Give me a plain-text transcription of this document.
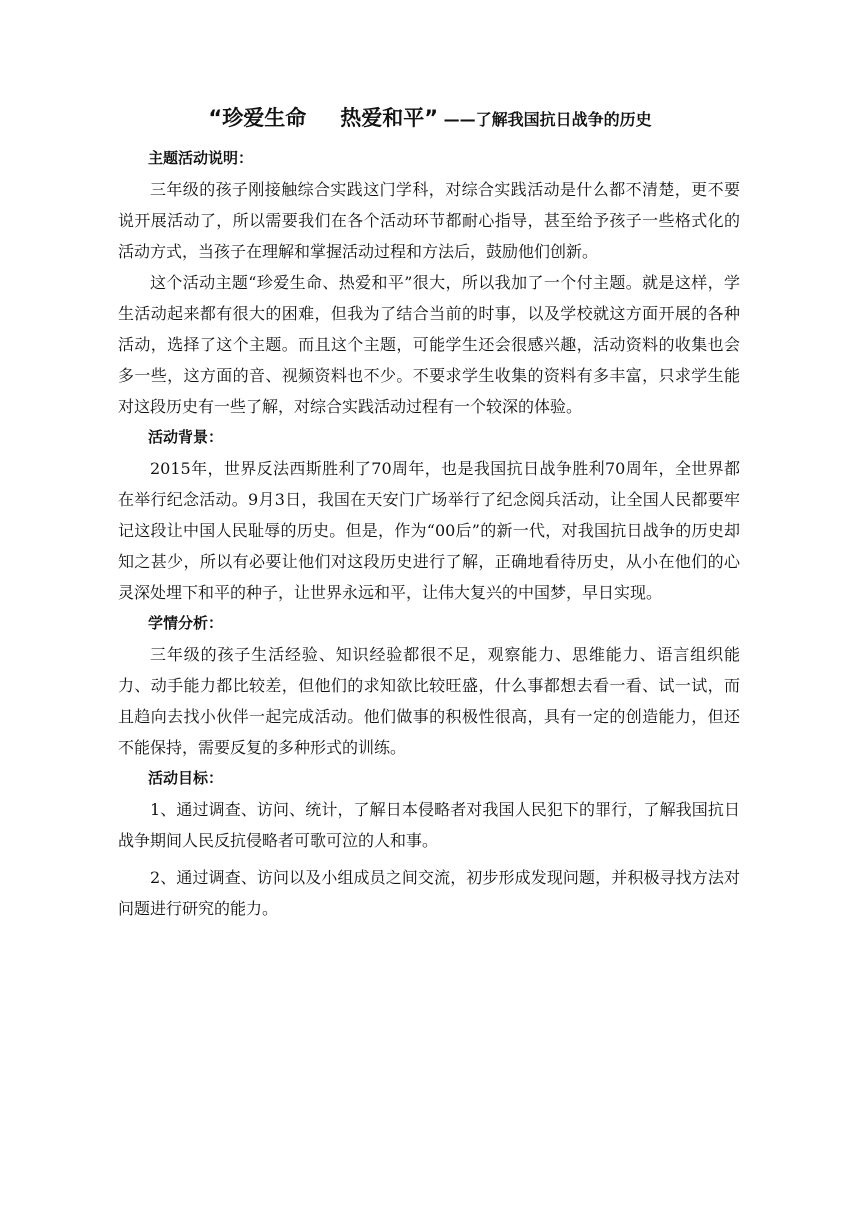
“珍爱生命 热爱和平” ——了解我国抗日战争的历史

主题活动说明：

三年级的孩子刚接触综合实践这门学科，对综合实践活动是什么都不清楚，更不要说开展活动了，所以需要我们在各个活动环节都耐心指导，甚至给予孩子一些格式化的活动方式，当孩子在理解和掌握活动过程和方法后，鼓励他们创新。

这个活动主题“珍爱生命、热爱和平”很大，所以我加了一个付主题。就是这样，学生活动起来都有很大的困难，但我为了结合当前的时事，以及学校就这方面开展的各种活动，选择了这个主题。而且这个主题，可能学生还会很感兴趣，活动资料的收集也会多一些，这方面的音、视频资料也不少。不要求学生收集的资料有多丰富，只求学生能对这段历史有一些了解，对综合实践活动过程有一个较深的体验。

活动背景：

2015年，世界反法西斯胜利了70周年，也是我国抗日战争胜利70周年，全世界都在举行纪念活动。9月3日，我国在天安门广场举行了纪念阅兵活动，让全国人民都要牢记这段让中国人民耻辱的历史。但是，作为“00后”的新一代，对我国抗日战争的历史却知之甚少，所以有必要让他们对这段历史进行了解，正确地看待历史，从小在他们的心灵深处埋下和平的种子，让世界永远和平，让伟大复兴的中国梦，早日实现。

学情分析：

三年级的孩子生活经验、知识经验都很不足，观察能力、思维能力、语言组织能力、动手能力都比较差，但他们的求知欲比较旺盛，什么事都想去看一看、试一试，而且趋向去找小伙伴一起完成活动。他们做事的积极性很高，具有一定的创造能力，但还不能保持，需要反复的多种形式的训练。

活动目标：

1、通过调查、访问、统计，了解日本侵略者对我国人民犯下的罪行，了解我国抗日战争期间人民反抗侵略者可歌可泣的人和事。

2、通过调查、访问以及小组成员之间交流，初步形成发现问题，并积极寻找方法对问题进行研究的能力。
